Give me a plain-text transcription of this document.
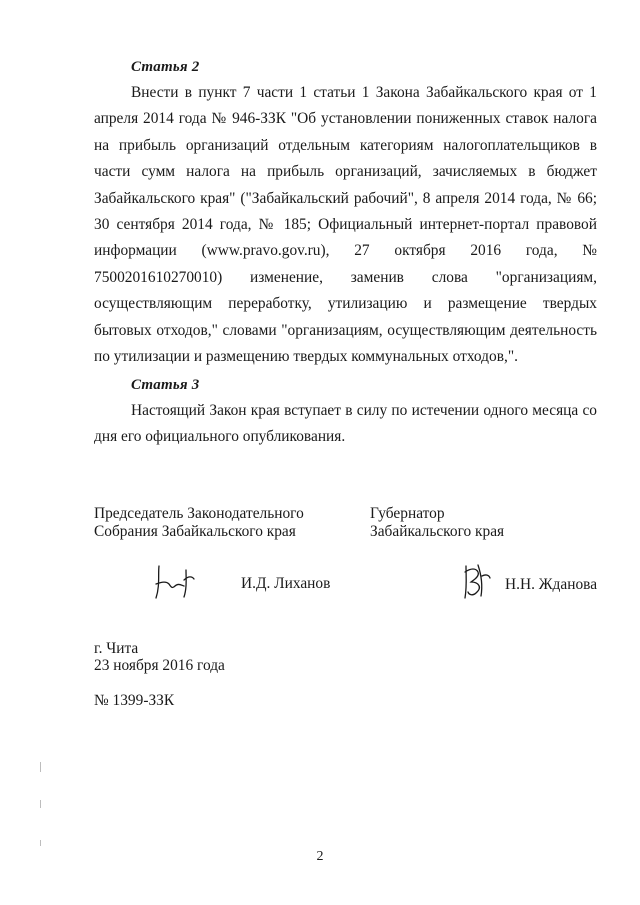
Статья 2

Внести в пункт 7 части 1 статьи 1 Закона Забайкальского края от 1 апреля 2014 года № 946-ЗЗК "Об установлении пониженных ставок налога на прибыль организаций отдельным категориям налогоплательщиков в части сумм налога на прибыль организаций, зачисляемых в бюджет Забайкальского края" ("Забайкальский рабочий", 8 апреля 2014 года, № 66; 30 сентября 2014 года, № 185; Официальный интернет-портал правовой информации (www.pravo.gov.ru), 27 октября 2016 года, № 7500201610270010) изменение, заменив слова "организациям, осуществляющим переработку, утилизацию и размещение твердых бытовых отходов," словами "организациям, осуществляющим деятельность по утилизации и размещению твердых коммунальных отходов,".

Статья 3

Настоящий Закон края вступает в силу по истечении одного месяца со дня его официального опубликования.

Председатель Законодательного
Собрания Забайкальского края
Губернатор
Забайкальского края
И.Д. Лиханов	Н.Н. Жданова
г. Чита
23 ноября 2016 года
№ 1399-ЗЗК
2
